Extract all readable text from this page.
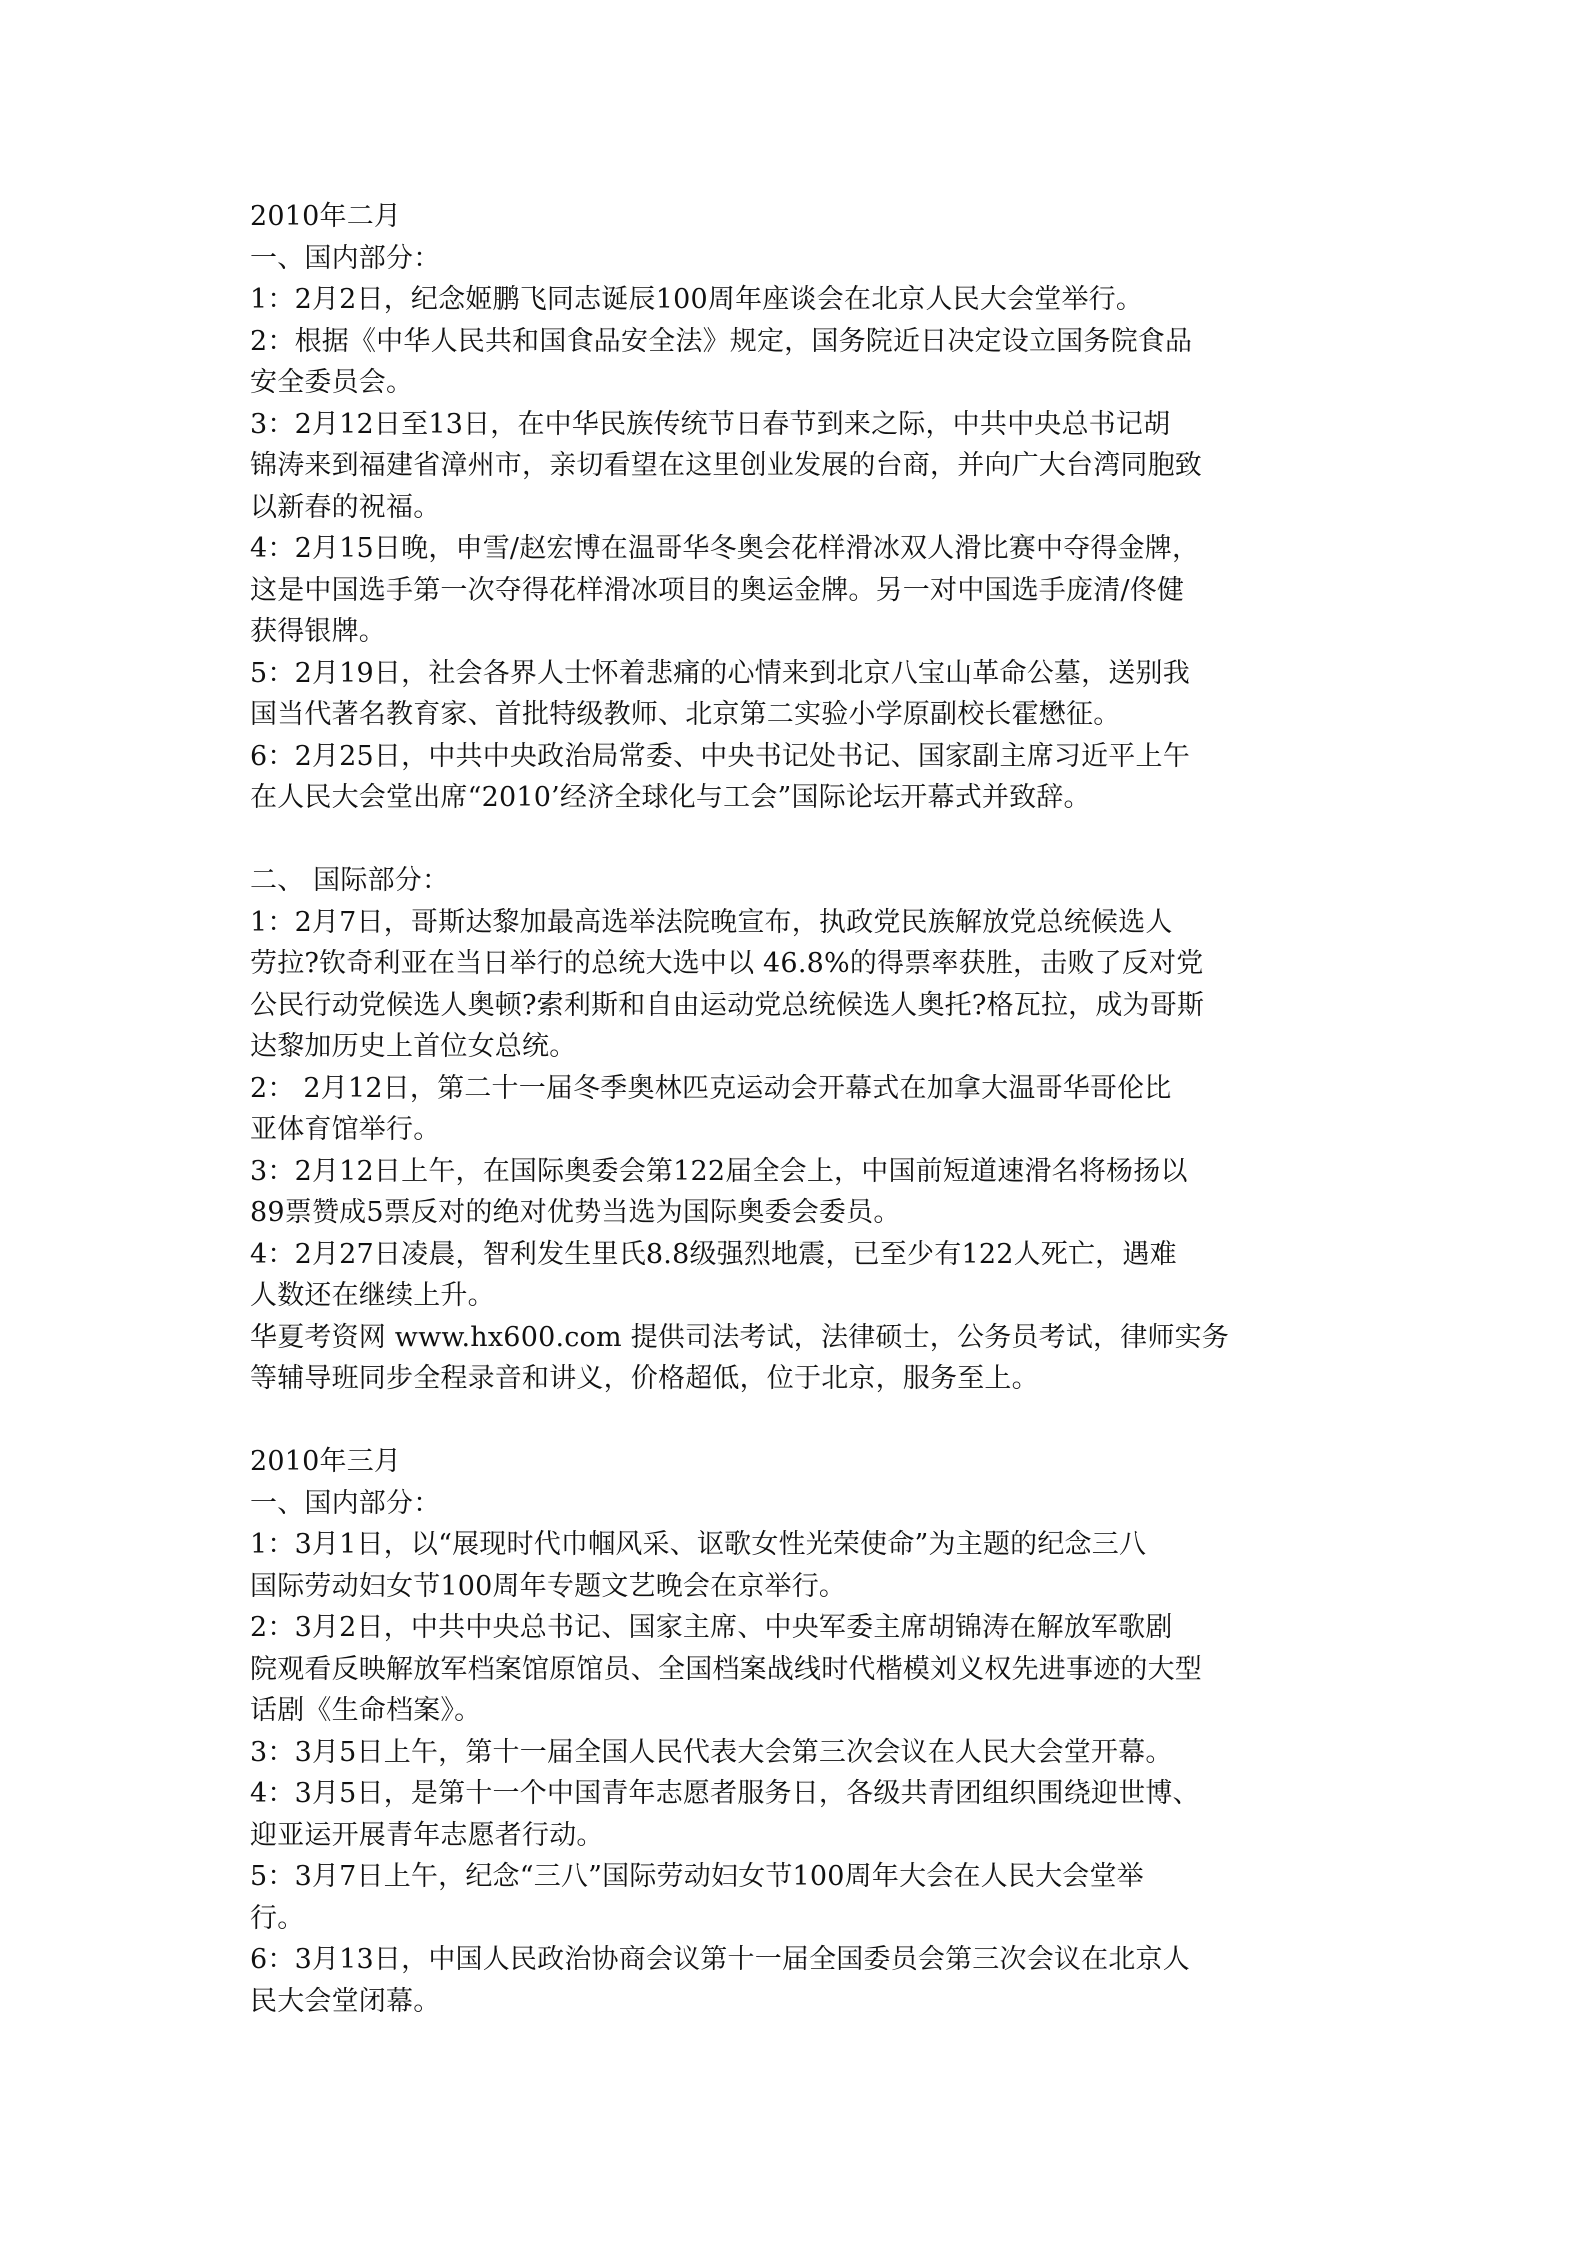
2010年二月
一、国内部分：
1：2月2日，纪念姬鹏飞同志诞辰100周年座谈会在北京人民大会堂举行。
2：根据《中华人民共和国食品安全法》规定，国务院近日决定设立国务院食品
安全委员会。
3：2月12日至13日，在中华民族传统节日春节到来之际，中共中央总书记胡
锦涛来到福建省漳州市，亲切看望在这里创业发展的台商，并向广大台湾同胞致
以新春的祝福。
4：2月15日晚，申雪/赵宏博在温哥华冬奥会花样滑冰双人滑比赛中夺得金牌，
这是中国选手第一次夺得花样滑冰项目的奥运金牌。另一对中国选手庞清/佟健
获得银牌。
5：2月19日，社会各界人士怀着悲痛的心情来到北京八宝山革命公墓，送别我
国当代著名教育家、首批特级教师、北京第二实验小学原副校长霍懋征。
6：2月25日，中共中央政治局常委、中央书记处书记、国家副主席习近平上午
在人民大会堂出席“2010’经济全球化与工会”国际论坛开幕式并致辞。
二、 国际部分：
1：2月7日，哥斯达黎加最高选举法院晚宣布，执政党民族解放党总统候选人
劳拉?钦奇利亚在当日举行的总统大选中以 46.8%的得票率获胜，击败了反对党
公民行动党候选人奥顿?索利斯和自由运动党总统候选人奥托?格瓦拉，成为哥斯
达黎加历史上首位女总统。
2： 2月12日，第二十一届冬季奥林匹克运动会开幕式在加拿大温哥华哥伦比
亚体育馆举行。
3：2月12日上午，在国际奥委会第122届全会上，中国前短道速滑名将杨扬以
89票赞成5票反对的绝对优势当选为国际奥委会委员。
4：2月27日凌晨，智利发生里氏8.8级强烈地震，已至少有122人死亡，遇难
人数还在继续上升。
华夏考资网 www.hx600.com 提供司法考试，法律硕士，公务员考试，律师实务
等辅导班同步全程录音和讲义，价格超低，位于北京，服务至上。
2010年三月
一、国内部分：
1：3月1日，以“展现时代巾帼风采、讴歌女性光荣使命”为主题的纪念三八
国际劳动妇女节100周年专题文艺晚会在京举行。
2：3月2日，中共中央总书记、国家主席、中央军委主席胡锦涛在解放军歌剧
院观看反映解放军档案馆原馆员、全国档案战线时代楷模刘义权先进事迹的大型
话剧《生命档案》。
3：3月5日上午，第十一届全国人民代表大会第三次会议在人民大会堂开幕。
4：3月5日，是第十一个中国青年志愿者服务日，各级共青团组织围绕迎世博、
迎亚运开展青年志愿者行动。
5：3月7日上午，纪念“三八”国际劳动妇女节100周年大会在人民大会堂举
行。
6：3月13日，中国人民政治协商会议第十一届全国委员会第三次会议在北京人
民大会堂闭幕。
